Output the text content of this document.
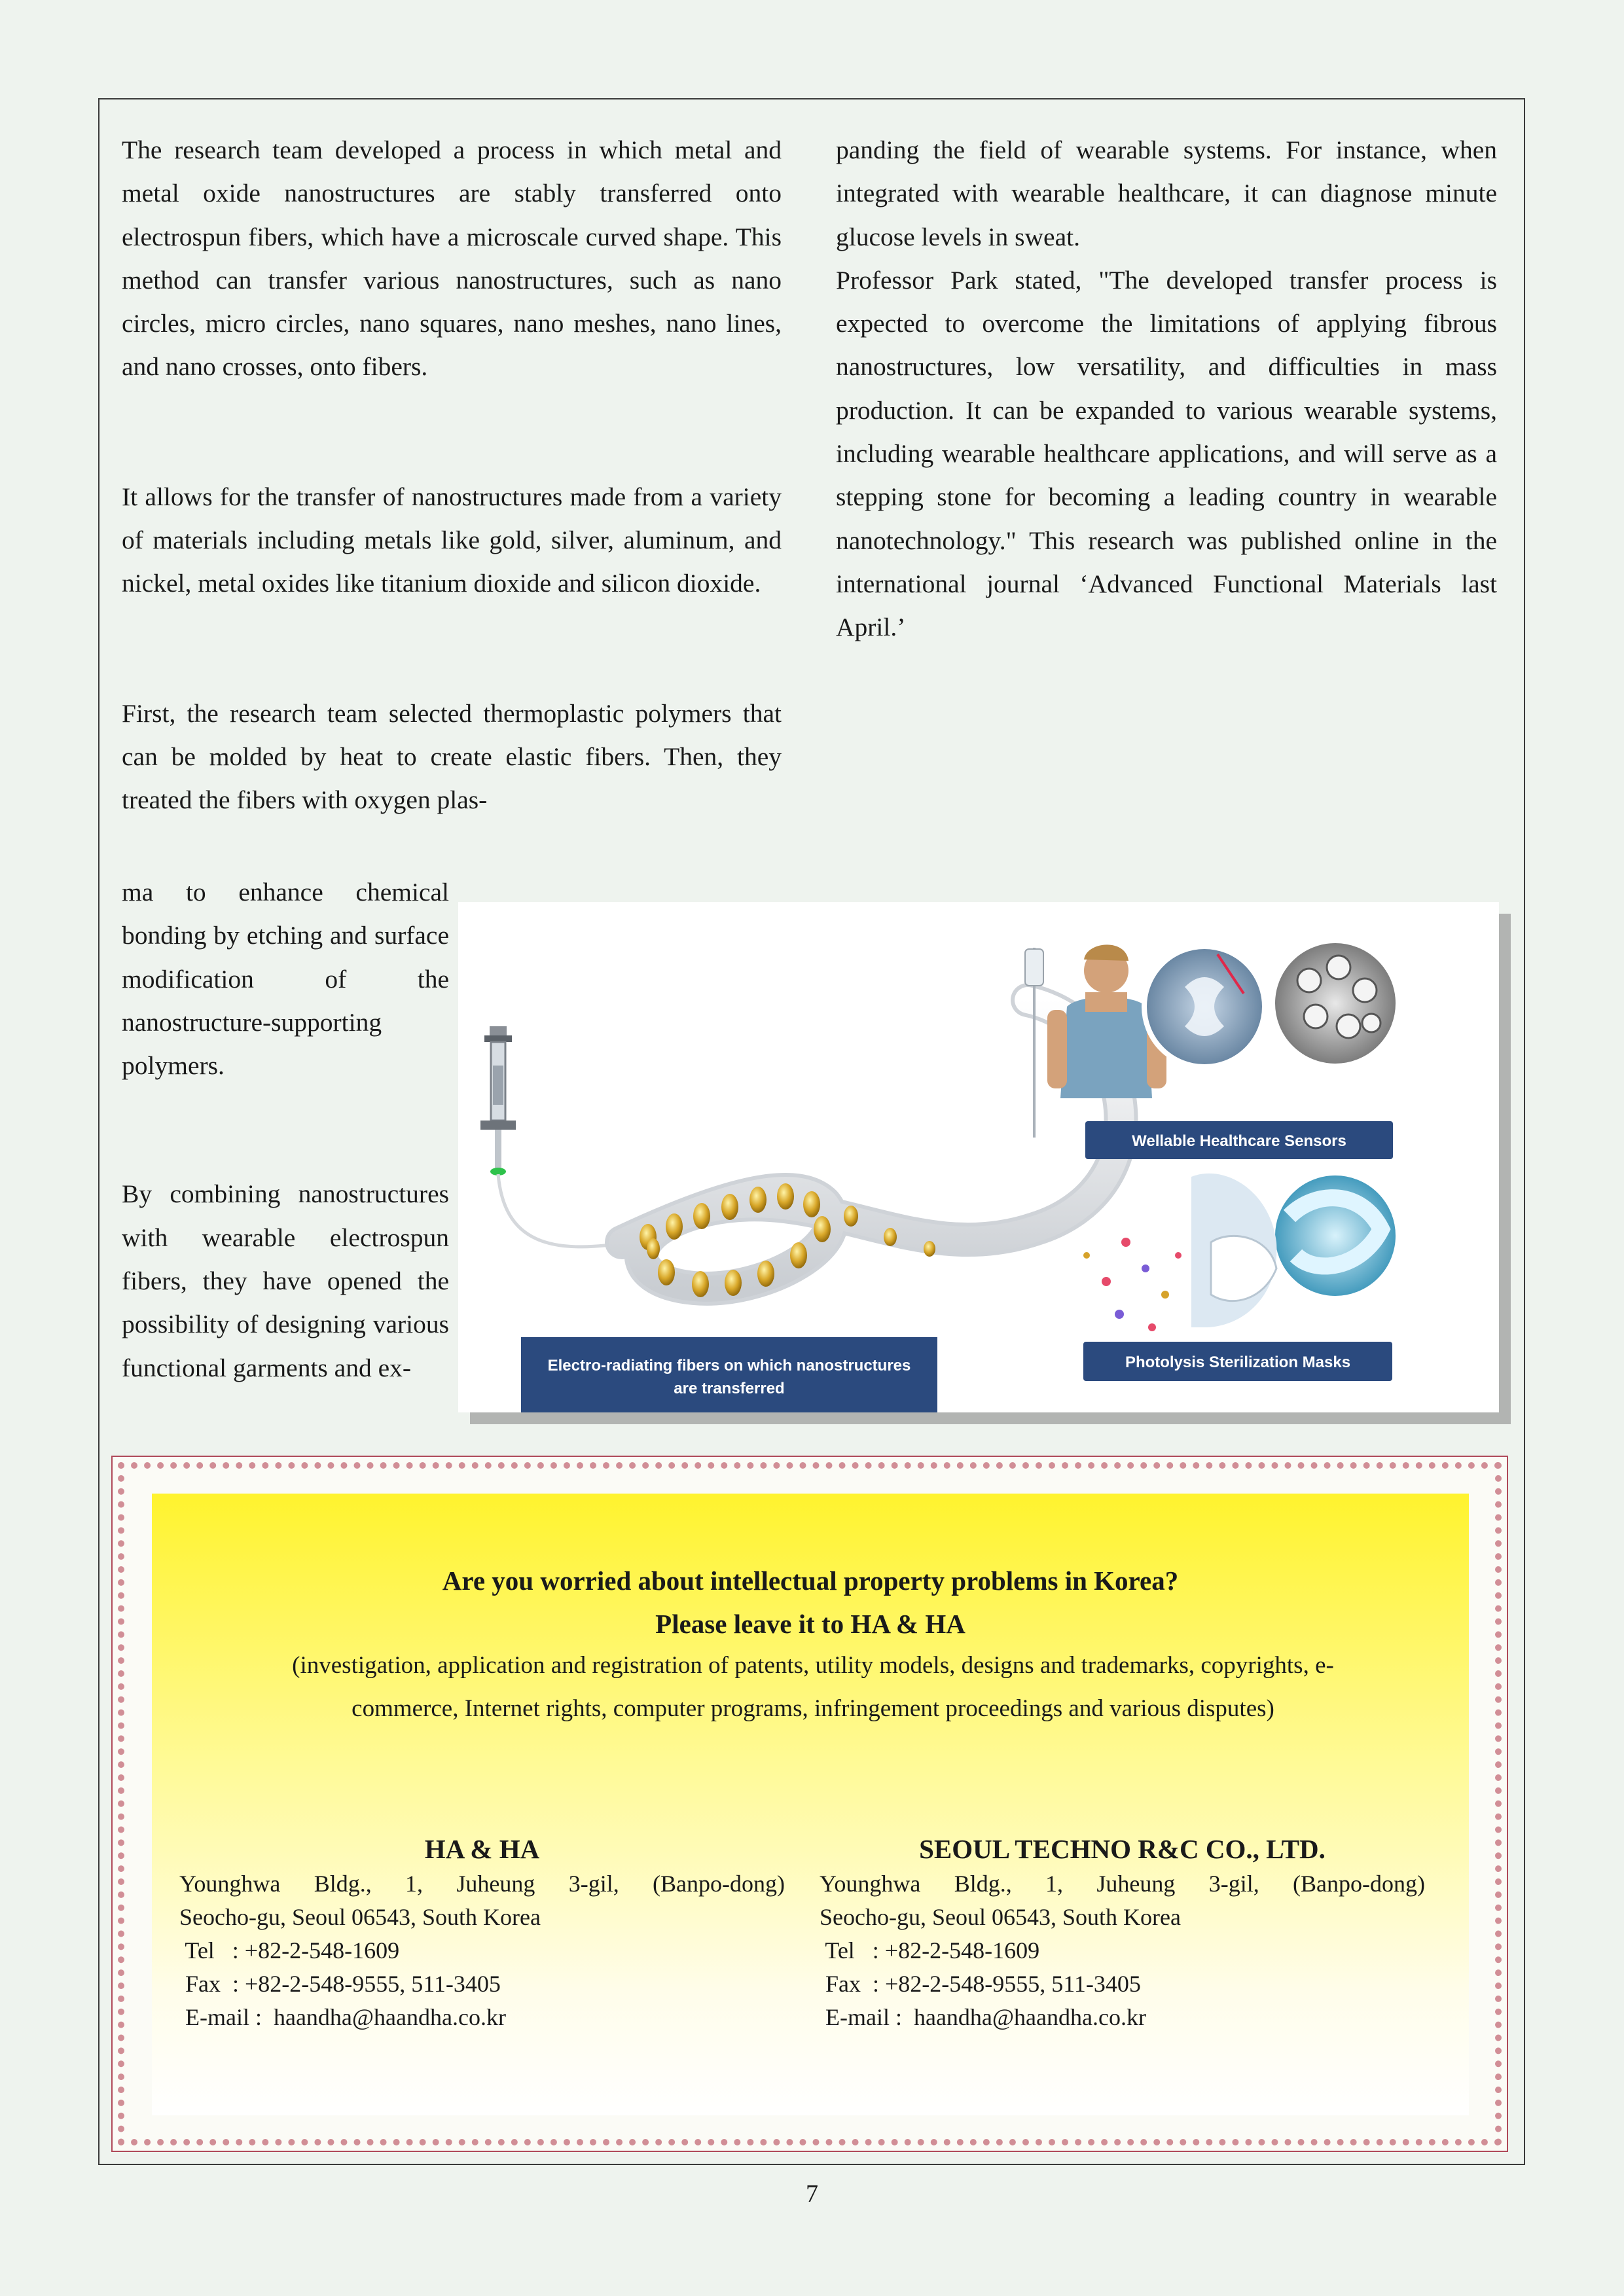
The research team developed a process in which metal and metal oxide nanostructures are stably transferred onto electrospun fibers, which have a microscale curved shape. This method can transfer various nanostructures, such as nano circles, micro circles, nano squares, nano meshes, nano lines, and nano crosses, onto fibers.

It allows for the transfer of nanostructures made from a variety of materials including metals like gold, silver, aluminum, and nickel, metal oxides like titanium dioxide and silicon dioxide.

First, the research team selected thermoplastic polymers that can be molded by heat to create elastic fibers. Then, they treated the fibers with oxygen plas-

ma to enhance chemical bonding by etching and surface modification of the nanostructure-supporting polymers.

By combining nanostructures with wearable electrospun fibers, they have opened the possibility of designing various functional garments and ex-

panding the field of wearable systems. For instance, when integrated with wearable healthcare, it can diagnose minute glucose levels in sweat.

Professor Park stated, "The developed transfer process is expected to overcome the limitations of applying fibrous nanostructures, low versatility, and difficulties in mass production. It can be expanded to various wearable systems, including wearable healthcare applications, and will serve as a stepping stone for becoming a leading country in wearable nanotechnology." This research was published online in the international journal ‘Advanced Functional Materials last April.’

Wellable Healthcare Sensors
Photolysis Sterilization Masks
Electro-radiating fibers on which nanostructures
are transferred
Are you worried about intellectual property problems in Korea?
Please leave it to HA & HA
(investigation, application and registration of patents, utility models, designs and trademarks, copyrights, e-
commerce, Internet rights, computer programs, infringement proceedings and various disputes)
HA & HA
Younghwa Bldg., 1, Juheung 3-gil, (Banpo-dong)
Seocho-gu, Seoul 06543, South Korea
Tel   : +82-2-548-1609
Fax  : +82-2-548-9555, 511-3405
E-mail :  haandha@haandha.co.kr
SEOUL TECHNO R&C CO., LTD.
Younghwa Bldg., 1, Juheung 3-gil, (Banpo-dong)
Seocho-gu, Seoul 06543, South Korea
Tel   : +82-2-548-1609
Fax  : +82-2-548-9555, 511-3405
E-mail :  haandha@haandha.co.kr
7
